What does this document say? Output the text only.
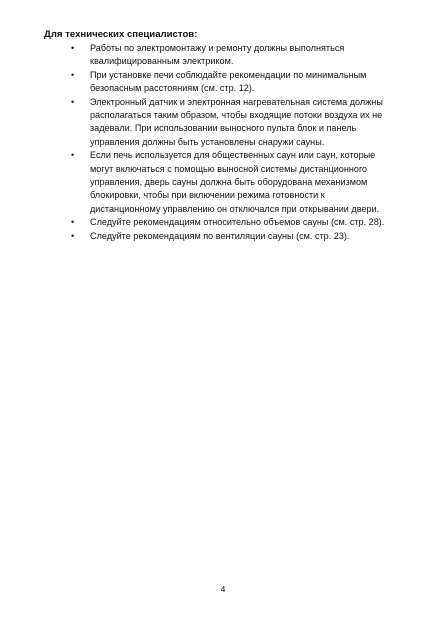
Для технических специалистов:
• Работы по электромонтажу и ремонту должны выполняться
квалифицированным электриком.
• При установке печи соблюдайте рекомендации по минимальным
безопасным расстояниям (см. стр. 12).
• Электронный датчик и электронная нагревательная система должны
располагаться таким образом, чтобы входящие потоки воздуха их не
задевали. При использовании выносного пульта блок и панель
управления должны быть установлены снаружи сауны.
• Если печь используется для общественных саун или саун, которые
могут включаться с помощью выносной системы дистанционного
управления, дверь сауны должна быть оборудована механизмом
блокировки, чтобы при включении режима готовности к
дистанционному управлению он отключался при открывании двери.
• Следуйте рекомендациям относительно объемов сауны (см. стр. 28).
• Следуйте рекомендациям по вентиляции сауны (см. стр. 23).
4
